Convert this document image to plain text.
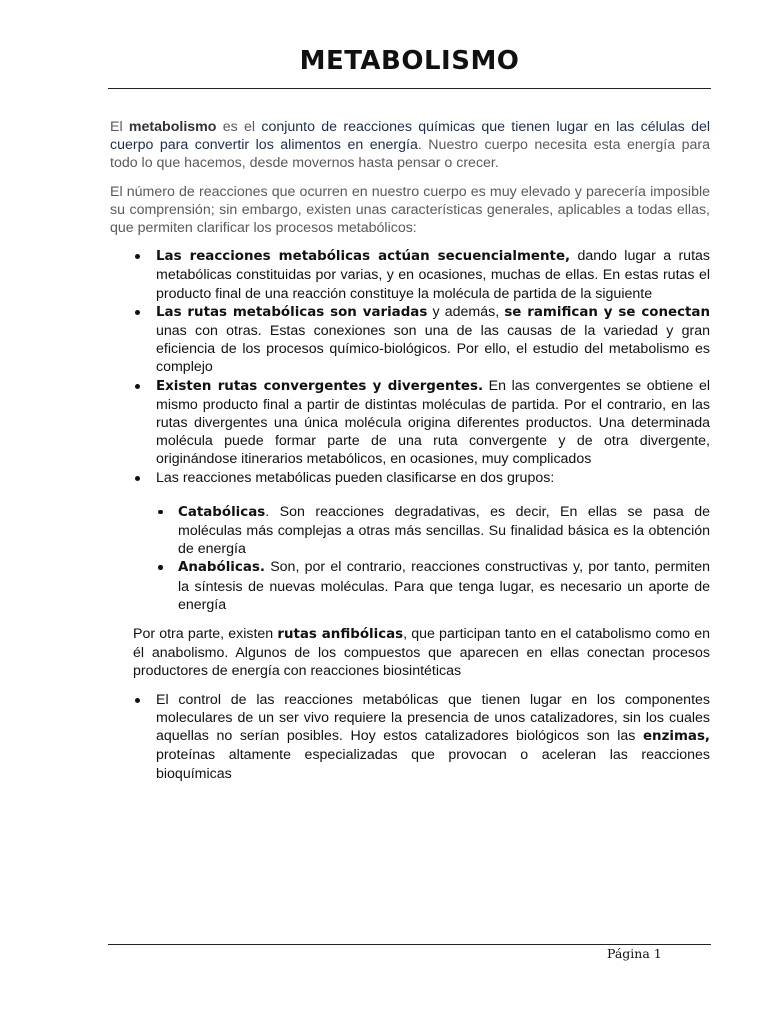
METABOLISMO

El metabolismo es el conjunto de reacciones químicas que tienen lugar en las células del cuerpo para convertir los alimentos en energía. Nuestro cuerpo necesita esta energía para todo lo que hacemos, desde movernos hasta pensar o crecer.

El número de reacciones que ocurren en nuestro cuerpo es muy elevado y parecería imposible su comprensión; sin embargo, existen unas características generales, aplicables a todas ellas, que permiten clarificar los procesos metabólicos:

Las reacciones metabólicas actúan secuencialmente, dando lugar a rutas metabólicas constituidas por varias, y en ocasiones, muchas de ellas. En estas rutas el producto final de una reacción constituye la molécula de partida de la siguiente
Las rutas metabólicas son variadas y además, se ramifican y se conectan unas con otras. Estas conexiones son una de las causas de la variedad y gran eficiencia de los procesos químico-biológicos. Por ello, el estudio del metabolismo es complejo
Existen rutas convergentes y divergentes. En las convergentes se obtiene el mismo producto final a partir de distintas moléculas de partida. Por el contrario, en las rutas divergentes una única molécula origina diferentes productos. Una determinada molécula puede formar parte de una ruta convergente y de otra divergente, originándose itinerarios metabólicos, en ocasiones, muy complicados
Las reacciones metabólicas pueden clasificarse en dos grupos:
Catabólicas. Son reacciones degradativas, es decir, En ellas se pasa de moléculas más complejas a otras más sencillas. Su finalidad básica es la obtención de energía
Anabólicas. Son, por el contrario, reacciones constructivas y, por tanto, permiten la síntesis de nuevas moléculas. Para que tenga lugar, es necesario un aporte de energía

Por otra parte, existen rutas anfibólicas, que participan tanto en el catabolismo como en él anabolismo. Algunos de los compuestos que aparecen en ellas conectan procesos productores de energía con reacciones biosintéticas

El control de las reacciones metabólicas que tienen lugar en los componentes moleculares de un ser vivo requiere la presencia de unos catalizadores, sin los cuales aquellas no serían posibles. Hoy estos catalizadores biológicos son las enzimas, proteínas altamente especializadas que provocan o aceleran las reacciones bioquímicas
Página 1
